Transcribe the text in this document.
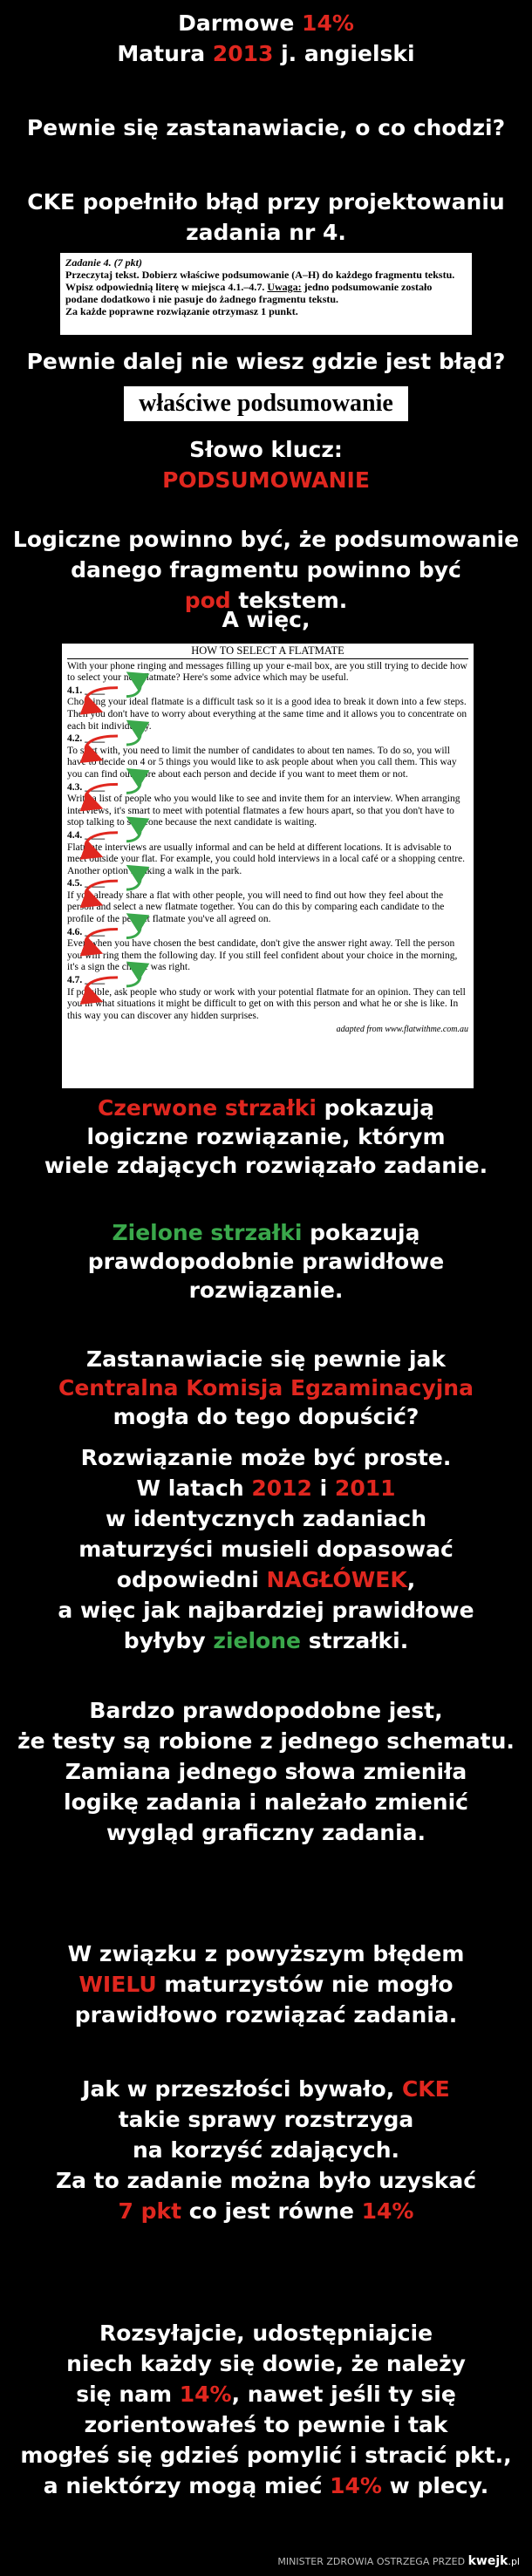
Darmowe 14%
Matura 2013 j. angielski
Pewnie się zastanawiacie, o co chodzi?
CKE popełniło błąd przy projektowaniu
zadania nr 4.
Zadanie 4. (7 pkt)
Przeczytaj tekst. Dobierz właściwe podsumowanie (A–H) do każdego fragmentu tekstu.
Wpisz odpowiednią literę w miejsca 4.1.–4.7. Uwaga: jedno podsumowanie zostało
podane dodatkowo i nie pasuje do żadnego fragmentu tekstu.
Za każde poprawne rozwiązanie otrzymasz 1 punkt.
Pewnie dalej nie wiesz gdzie jest błąd?
właściwe podsumowanie
Słowo klucz:
PODSUMOWANIE
Logiczne powinno być, że podsumowanie
danego fragmentu powinno być
pod tekstem.
A więc,
HOW TO SELECT A FLATMATE
With your phone ringing and messages filling up your e-mail box, are you still trying to decide how to select your new flatmate? Here's some advice which may be useful.
4.1. ____
Choosing your ideal flatmate is a difficult task so it is a good idea to break it down into a few steps. Then you don't have to worry about everything at the same time and it allows you to concentrate on each bit individually.
4.2. ____
To start with, you need to limit the number of candidates to about ten names. To do so, you will have to decide on 4 or 5 things you would like to ask people about when you call them. This way you can find out more about each person and decide if you want to meet them or not.
4.3. ____
Write a list of people who you would like to see and invite them for an interview. When arranging interviews, it's smart to meet with potential flatmates a few hours apart, so that you don't have to stop talking to someone because the next candidate is waiting.
4.4. ____
Flatmate interviews are usually informal and can be held at different locations. It is advisable to meet outside your flat. For example, you could hold interviews in a local café or a shopping centre. Another option is taking a walk in the park.
4.5. ____
If you already share a flat with other people, you will need to find out how they feel about the person and select a new flatmate together. You can do this by comparing each candidate to the profile of the perfect flatmate you've all agreed on.
4.6. ____
Even when you have chosen the best candidate, don't give the answer right away. Tell the person you will ring them the following day. If you still feel confident about your choice in the morning, it's a sign the choice was right.
4.7. ____
If possible, ask people who study or work with your potential flatmate for an opinion. They can tell you in what situations it might be difficult to get on with this person and what he or she is like. In this way you can discover any hidden surprises.
adapted from www.flatwithme.com.au
Czerwone strzałki pokazują
logiczne rozwiązanie, którym
wiele zdających rozwiązało zadanie.
Zielone strzałki pokazują
prawdopodobnie prawidłowe
rozwiązanie.
Zastanawiacie się pewnie jak
Centralna Komisja Egzaminacyjna
mogła do tego dopuścić?
Rozwiązanie może być proste.
W latach 2012 i 2011
w identycznych zadaniach
maturzyści musieli dopasować
odpowiedni NAGŁÓWEK,
a więc jak najbardziej prawidłowe
byłyby zielone strzałki.
Bardzo prawdopodobne jest,
że testy są robione z jednego schematu.
Zamiana jednego słowa zmieniła
logikę zadania i należało zmienić
wygląd graficzny zadania.
W związku z powyższym błędem
WIELU maturzystów nie mogło
prawidłowo rozwiązać zadania.
Jak w przeszłości bywało, CKE
takie sprawy rozstrzyga
na korzyść zdających.
Za to zadanie można było uzyskać
7 pkt co jest równe 14%
Rozsyłajcie, udostępniajcie
niech każdy się dowie, że należy
się nam 14%, nawet jeśli ty się
zorientowałeś to pewnie i tak
mogłeś się gdzieś pomylić i stracić pkt.,
a niektórzy mogą mieć 14% w plecy.
MINISTER ZDROWIA OSTRZEGA PRZED kwejk.pl
